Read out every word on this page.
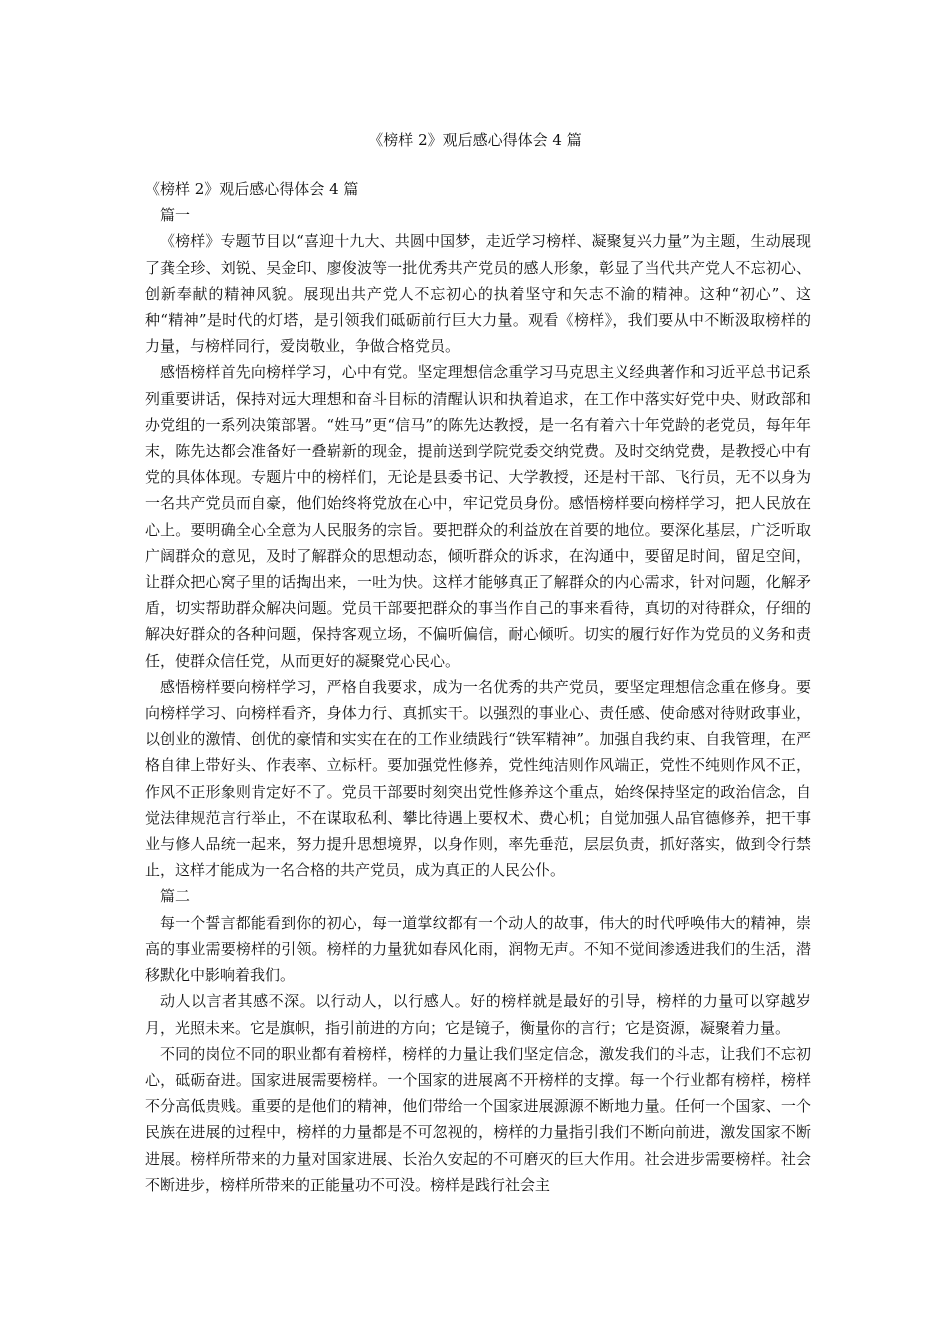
《榜样 2》观后感心得体会 4 篇

《榜样 2》观后感心得体会 4 篇

篇一

《榜样》专题节目以“喜迎十九大、共圆中国梦，走近学习榜样、凝聚复兴力量”为主题，生动展现了龚全珍、刘锐、吴金印、廖俊波等一批优秀共产党员的感人形象，彰显了当代共产党人不忘初心、创新奉献的精神风貌。展现出共产党人不忘初心的执着坚守和矢志不渝的精神。这种“初心”、这种“精神”是时代的灯塔，是引领我们砥砺前行巨大力量。观看《榜样》，我们要从中不断汲取榜样的力量，与榜样同行，爱岗敬业，争做合格党员。

感悟榜样首先向榜样学习，心中有党。坚定理想信念重学习马克思主义经典著作和习近平总书记系列重要讲话，保持对远大理想和奋斗目标的清醒认识和执着追求，在工作中落实好党中央、财政部和办党组的一系列决策部署。“姓马”更“信马”的陈先达教授，是一名有着六十年党龄的老党员，每年年末，陈先达都会准备好一叠崭新的现金，提前送到学院党委交纳党费。及时交纳党费，是教授心中有党的具体体现。专题片中的榜样们，无论是县委书记、大学教授，还是村干部、飞行员，无不以身为一名共产党员而自豪，他们始终将党放在心中，牢记党员身份。感悟榜样要向榜样学习，把人民放在心上。要明确全心全意为人民服务的宗旨。要把群众的利益放在首要的地位。要深化基层，广泛听取广阔群众的意见，及时了解群众的思想动态，倾听群众的诉求，在沟通中，要留足时间，留足空间，让群众把心窝子里的话掏出来，一吐为快。这样才能够真正了解群众的内心需求，针对问题，化解矛盾，切实帮助群众解决问题。党员干部要把群众的事当作自己的事来看待，真切的对待群众，仔细的解决好群众的各种问题，保持客观立场，不偏听偏信，耐心倾听。切实的履行好作为党员的义务和责任，使群众信任党，从而更好的凝聚党心民心。

感悟榜样要向榜样学习，严格自我要求，成为一名优秀的共产党员，要坚定理想信念重在修身。要向榜样学习、向榜样看齐，身体力行、真抓实干。以强烈的事业心、责任感、使命感对待财政事业，以创业的激情、创优的豪情和实实在在的工作业绩践行“铁军精神”。加强自我约束、自我管理，在严格自律上带好头、作表率、立标杆。要加强党性修养，党性纯洁则作风端正，党性不纯则作风不正，作风不正形象则肯定好不了。党员干部要时刻突出党性修养这个重点，始终保持坚定的政治信念，自觉法律规范言行举止，不在谋取私利、攀比待遇上要权术、费心机；自觉加强人品官德修养，把干事业与修人品统一起来，努力提升思想境界，以身作则，率先垂范，层层负责，抓好落实，做到令行禁止，这样才能成为一名合格的共产党员，成为真正的人民公仆。

篇二

每一个誓言都能看到你的初心，每一道掌纹都有一个动人的故事，伟大的时代呼唤伟大的精神，崇高的事业需要榜样的引领。榜样的力量犹如春风化雨，润物无声。不知不觉间渗透进我们的生活，潜移默化中影响着我们。

动人以言者其感不深。以行动人，以行感人。好的榜样就是最好的引导，榜样的力量可以穿越岁月，光照未来。它是旗帜，指引前进的方向；它是镜子，衡量你的言行；它是资源，凝聚着力量。

不同的岗位不同的职业都有着榜样，榜样的力量让我们坚定信念，激发我们的斗志，让我们不忘初心，砥砺奋进。国家进展需要榜样。一个国家的进展离不开榜样的支撑。每一个行业都有榜样，榜样不分高低贵贱。重要的是他们的精神，他们带给一个国家进展源源不断地力量。任何一个国家、一个民族在进展的过程中，榜样的力量都是不可忽视的，榜样的力量指引我们不断向前进，激发国家不断进展。榜样所带来的力量对国家进展、长治久安起的不可磨灭的巨大作用。社会进步需要榜样。社会不断进步，榜样所带来的正能量功不可没。榜样是践行社会主
